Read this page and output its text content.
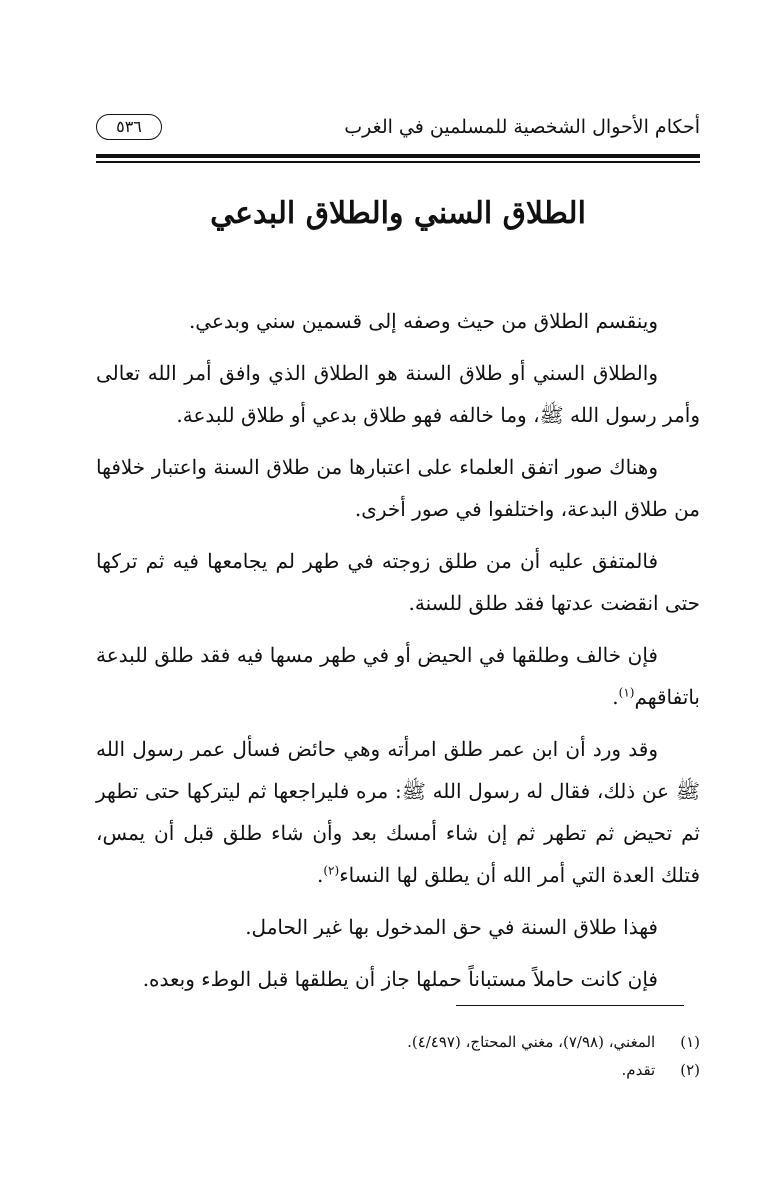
أحكام الأحوال الشخصية للمسلمين في الغرب
٥٣٦
الطلاق السني والطلاق البدعي

وينقسم الطلاق من حيث وصفه إلى قسمين سني وبدعي.

والطلاق السني أو طلاق السنة هو الطلاق الذي وافق أمر الله تعالى وأمر رسول الله ﷺ، وما خالفه فهو طلاق بدعي أو طلاق للبدعة.

وهناك صور اتفق العلماء على اعتبارها من طلاق السنة واعتبار خلافها من طلاق البدعة، واختلفوا في صور أخرى.

فالمتفق عليه أن من طلق زوجته في طهر لم يجامعها فيه ثم تركها حتى انقضت عدتها فقد طلق للسنة.

فإن خالف وطلقها في الحيض أو في طهر مسها فيه فقد طلق للبدعة باتفاقهم$^{(١)}$.

وقد ورد أن ابن عمر طلق امرأته وهي حائض فسأل عمر رسول الله ﷺ عن ذلك، فقال له رسول الله ﷺ: مره فليراجعها ثم ليتركها حتى تطهر ثم تحيض ثم تطهر ثم إن شاء أمسك بعد وأن شاء طلق قبل أن يمس، فتلك العدة التي أمر الله أن يطلق لها النساء$^{(٢)}$.

فهذا طلاق السنة في حق المدخول بها غير الحامل.

فإن كانت حاملاً مستباناً حملها جاز أن يطلقها قبل الوطء وبعده.

(١) المغني، (٧/٩٨)، مغني المحتاج، (٤/٤٩٧).
(٢) تقدم.
